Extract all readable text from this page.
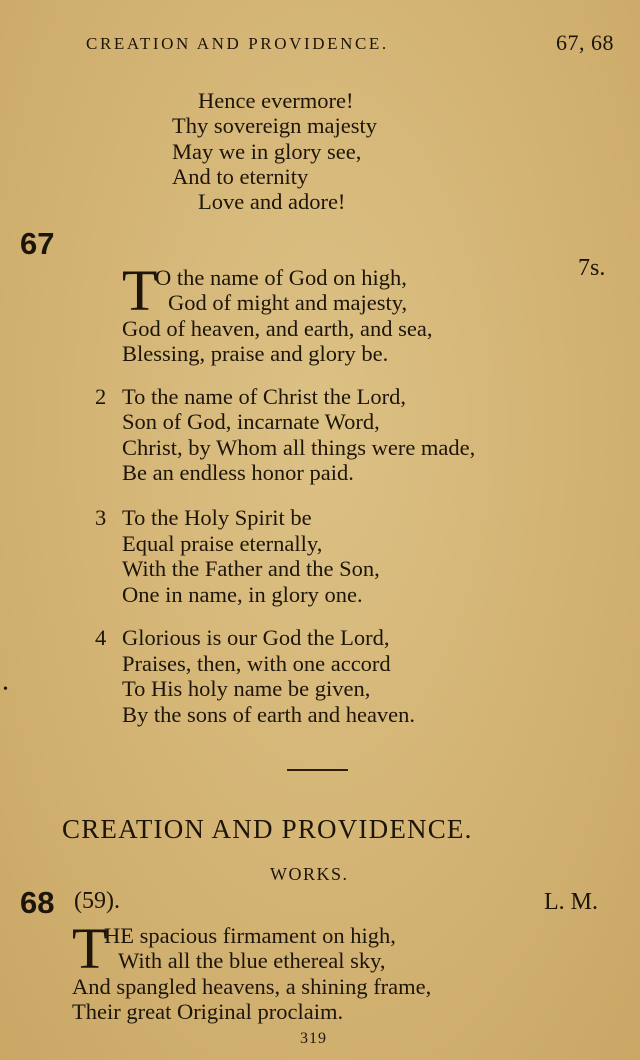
CREATION AND PROVIDENCE.	67, 68
Hence evermore!
Thy sovereign majesty
May we in glory see,
And to eternity
Love and adore!
67
7s.
T
O the name of God on high,
God of might and majesty,
God of heaven, and earth, and sea,
Blessing, praise and glory be.
2 To the name of Christ the Lord,
Son of God, incarnate Word,
Christ, by Whom all things were made,
Be an endless honor paid.
3 To the Holy Spirit be
Equal praise eternally,
With the Father and the Son,
One in name, in glory one.
4 Glorious is our God the Lord,
Praises, then, with one accord
To His holy name be given,
By the sons of earth and heaven.
•
CREATION AND PROVIDENCE.
WORKS.
68 (59).	L. M.
T
HE spacious firmament on high,
With all the blue ethereal sky,
And spangled heavens, a shining frame,
Their great Original proclaim.
319
